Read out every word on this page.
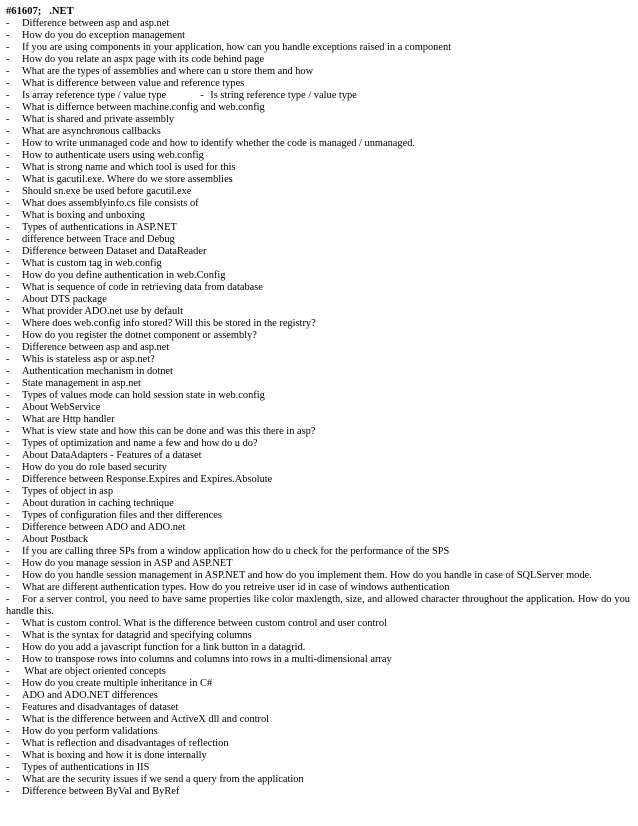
#61607;   .NET
- Difference between asp and asp.net
- How do you do exception management
- If you are using components in your application, how can you handle exceptions raised in a component
- How do you relate an aspx page with its code behind page
- What are the types of assemblies and where can u store them and how
- What is difference between value and reference types
- Is array reference type / value type	- Is string reference type / value type
- What is differnce between machine.config and web.config
- What is shared and private assembly
- What are asynchronous callbacks
- How to write unmanaged code and how to identify whether the code is managed / unmanaged.
- How to authenticate users using web.config
- What is strong name and which tool is used for this
- What is gacutil.exe. Where do we store assemblies
- Should sn.exe be used before gacutil.exe
- What does assemblyinfo.cs file consists of
- What is boxing and unboxing
- Types of authentications in ASP.NET
- difference between Trace and Debug
- Difference between Dataset and DataReader
- What is custom tag in web.config
- How do you define authentication in web.Config
- What is sequence of code in retrieving data from database
- About DTS package
- What provider ADO.net use by default
- Where does web.config info stored? Will this be stored in the registry?
- How do you register the dotnet component or assembly?
- Difference between asp and asp.net
- Whis is stateless asp or asp.net?
- Authentication mechanism in dotnet
- State management in asp.net
- Types of values mode can hold session state in web.config
- About WebService
- What are Http handler
- What is view state and how this can be done and was this there in asp?
- Types of optimization and name a few and how do u do?
- About DataAdapters - Features of a dataset
- How do you do role based security
- Difference between Response.Expires and Expires.Absolute
- Types of object in asp
- About duration in caching technique
- Types of configuration files and ther differences
- Difference between ADO and ADO.net
- About Postback
- If you are calling three SPs from a window application how do u check for the performance of the SPS
- How do you manage session in ASP and ASP.NET
- How do you handle session management in ASP.NET and how do you implement them. How do you handle in case of SQLServer mode.
- What are different authentication types. How do you retreive user id in case of windows authentication
- For a server control, you need to have same properties like color maxlength, size, and allowed character throughout the application. How do you handle this.
- What is custom control. What is the difference between custom control and user control
- What is the syntax for datagrid and specifying columns
- How do you add a javascript function for a link button in a datagrid.
- How to transpose rows into columns and columns into rows in a multi-dimensional array
- What are object oriented concepts
- How do you create multiple inheritance in C#
- ADO and ADO.NET differences
- Features and disadvantages of dataset
- What is the difference between and ActiveX dll and control
- How do you perform validations
- What is reflection and disadvantages of reflection
- What is boxing and how it is done internally
- Types of authentications in IIS
- What are the security issues if we send a query from the application
- Difference between ByVal and ByRef
